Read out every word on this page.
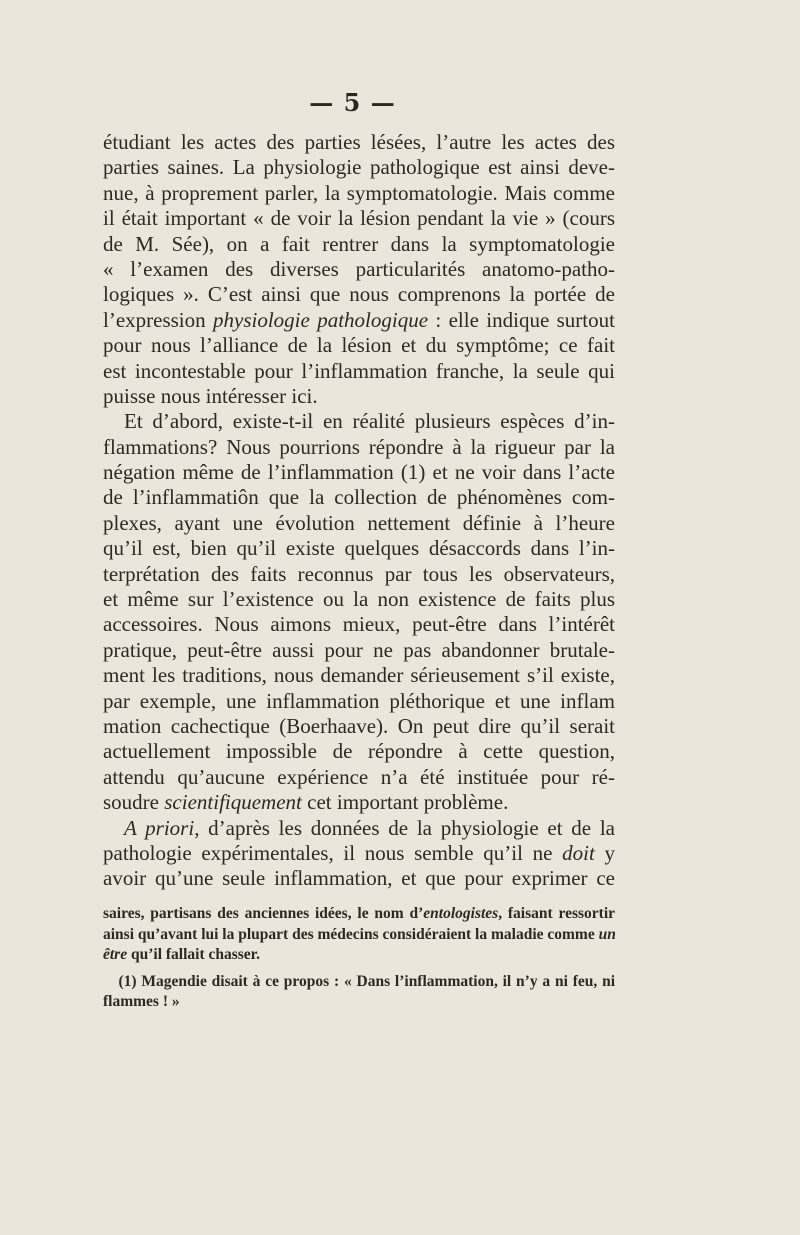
— 5 —
étudiant les actes des parties lésées, l’autre les actes des
parties saines. La physiologie pathologique est ainsi deve-
nue, à proprement parler, la symptomatologie. Mais comme
il était important « de voir la lésion pendant la vie » (cours
de M. Sée), on a fait rentrer dans la symptomatologie
« l’examen des diverses particularités anatomo-patho-
logiques ». C’est ainsi que nous comprenons la portée de
l’expression physiologie pathologique : elle indique surtout
pour nous l’alliance de la lésion et du symptôme; ce fait
est incontestable pour l’inflammation franche, la seule qui
puisse nous intéresser ici.
 Et d’abord, existe-t-il en réalité plusieurs espèces d’in-
flammations? Nous pourrions répondre à la rigueur par la
négation même de l’inflammation (1) et ne voir dans l’acte
de l’inflammatiôn que la collection de phénomènes com-
plexes, ayant une évolution nettement définie à l’heure
qu’il est, bien qu’il existe quelques désaccords dans l’in-
terprétation des faits reconnus par tous les observateurs,
et même sur l’existence ou la non existence de faits plus
accessoires. Nous aimons mieux, peut-être dans l’intérêt
pratique, peut-être aussi pour ne pas abandonner brutale-
ment les traditions, nous demander sérieusement s’il existe,
par exemple, une inflammation pléthorique et une inflam
mation cachectique (Boerhaave). On peut dire qu’il serait
actuellement impossible de répondre à cette question,
attendu qu’aucune expérience n’a été instituée pour ré-
soudre scientifiquement cet important problème.
 A priori, d’après les données de la physiologie et de la
pathologie expérimentales, il nous semble qu’il ne doit y
avoir qu’une seule inflammation, et que pour exprimer ce
saires, partisans des anciennes idées, le nom d’entologistes, faisant ressortir
ainsi qu’avant lui la plupart des médecins considéraient la maladie comme un
être qu’il fallait chasser.
 (1) Magendie disait à ce propos : « Dans l’inflammation, il n’y a ni feu, ni
flammes ! »
